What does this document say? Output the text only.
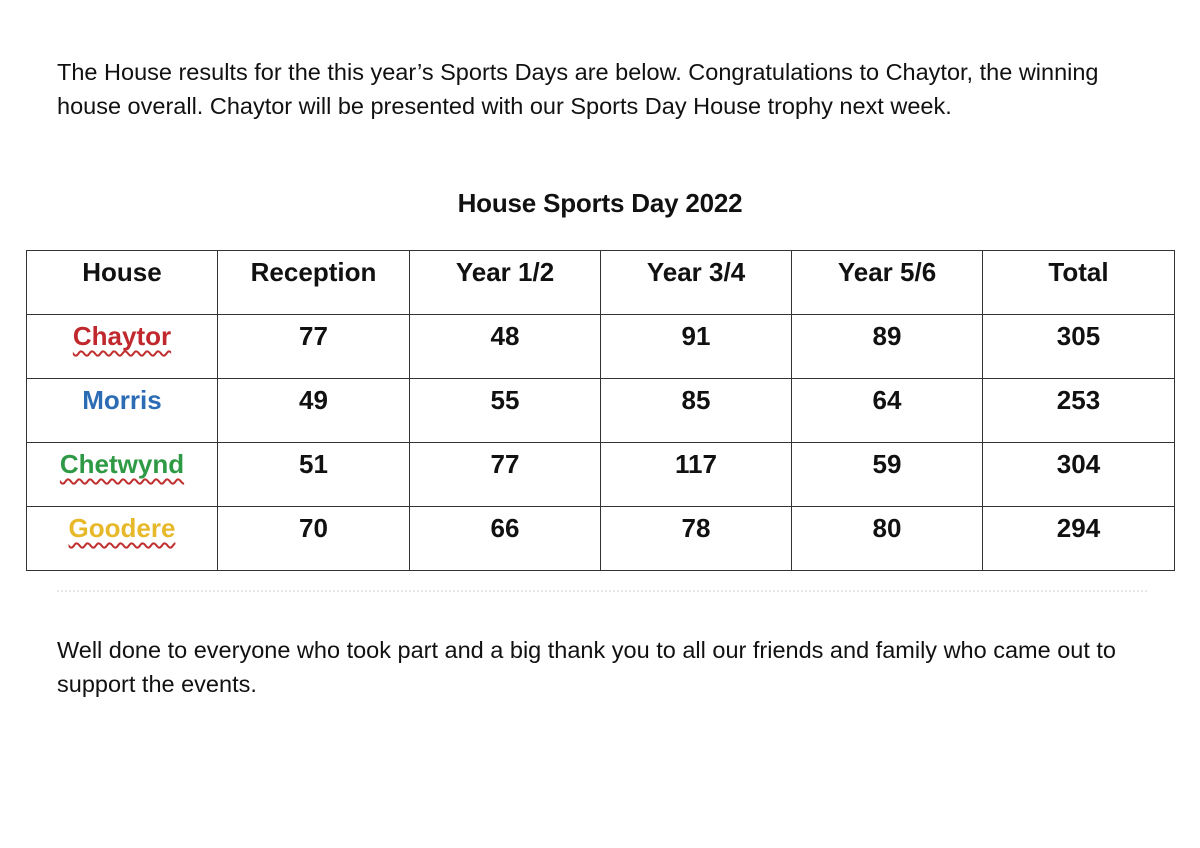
The House results for the this year’s Sports Days are below. Congratulations to Chaytor, the winning house overall. Chaytor will be presented with our Sports Day House trophy next week.

House Sports Day 2022
House	Reception	Year 1/2	Year 3/4	Year 5/6	Total
Chaytor	77	48	91	89	305
Morris	49	55	85	64	253
Chetwynd	51	77	117	59	304
Goodere	70	66	78	80	294

Well done to everyone who took part and a big thank you to all our friends and family who came out to support the events.
